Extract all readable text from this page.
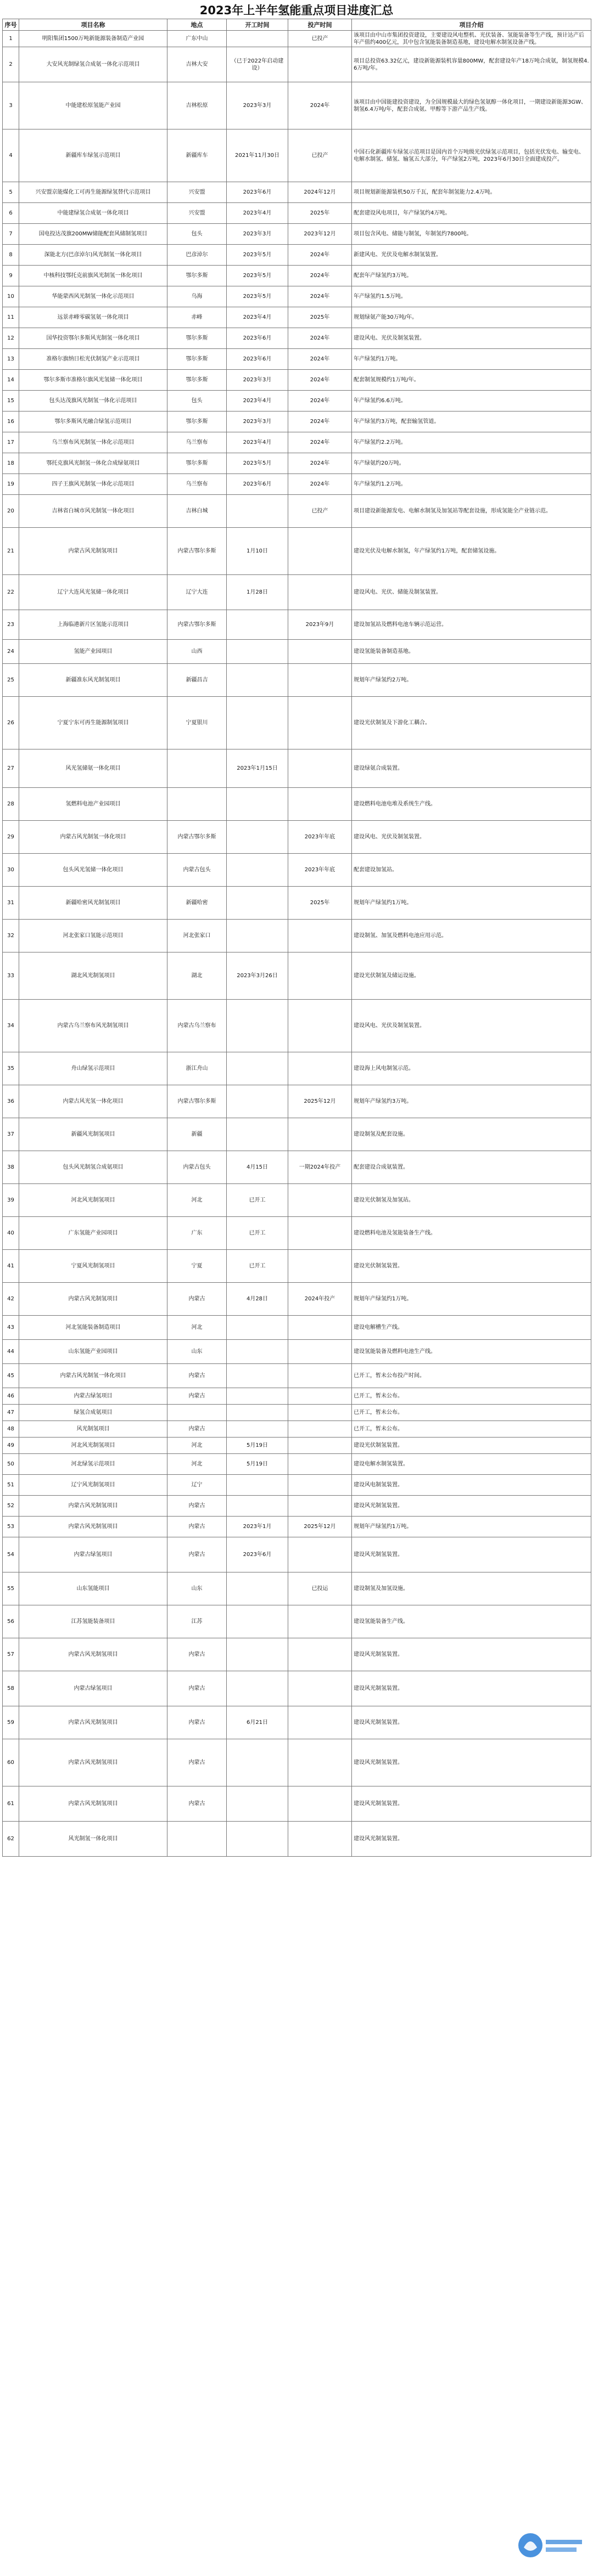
2023年上半年氢能重点项目进度汇总
序号	项目名称	地点	开工时间	投产时间	项目介绍
1	明阳集团1500万吨新能源装备制造产业园	广东中山		已投产	该项目由中山市集团投资建设，主要建设风电整机、光伏装备、氢能装备等生产线，预计达产后年产值约400亿元，其中包含氢能装备制造基地，建设电解水制氢设备产线。
2	大安风光制绿氢合成氨一体化示范项目	吉林大安	（已于2022年启动建设）		项目总投资63.32亿元，建设新能源装机容量800MW，配套建设年产18万吨合成氨，制氢规模4.6万吨/年。
3	中能建松原氢能产业园	吉林松原	2023年3月	2024年	该项目由中国能建投资建设，为全国规模最大的绿色氢氨醇一体化项目，一期建设新能源3GW、制氢6.4万吨/年，配套合成氨、甲醇等下游产品生产线。
4	新疆库车绿氢示范项目	新疆库车	2021年11月30日	已投产	中国石化新疆库车绿氢示范项目是国内首个万吨级光伏绿氢示范项目，包括光伏发电、输变电、电解水制氢、储氢、输氢五大部分，年产绿氢2万吨，2023年6月30日全面建成投产。
5	兴安盟京能煤化工可再生能源绿氢替代示范项目	兴安盟	2023年6月	2024年12月	项目规划新能源装机50万千瓦，配套年制氢能力2.4万吨。
6	中能建绿氢合成氨一体化项目	兴安盟	2023年4月	2025年	配套建设风电项目，年产绿氢约4万吨。
7	国电投达茂旗200MW储能配套风储制氢项目	包头	2023年3月	2023年12月	项目包含风电、储能与制氢，年制氢约7800吨。
8	深能北方(巴彦淖尔)风光制氢一体化项目	巴彦淖尔	2023年5月	2024年	新建风电、光伏及电解水制氢装置。
9	中核科技鄂托克前旗风光制氢一体化项目	鄂尔多斯	2023年5月	2024年	配套年产绿氢约3万吨。
10	华能蒙西风光制氢一体化示范项目	乌海	2023年5月	2024年	年产绿氢约1.5万吨。
11	远景赤峰零碳氢氨一体化项目	赤峰	2023年4月	2025年	规划绿氨产能30万吨/年。
12	国华投资鄂尔多斯风光制氢一体化项目	鄂尔多斯	2023年6月	2024年	建设风电、光伏及制氢装置。
13	准格尔旗纳日松光伏制氢产业示范项目	鄂尔多斯	2023年6月	2024年	年产绿氢约1万吨。
14	鄂尔多斯市准格尔旗风光氢储一体化项目	鄂尔多斯	2023年3月	2024年	配套制氢规模约1万吨/年。
15	包头达茂旗风光制氢一体化示范项目	包头	2023年4月	2024年	年产绿氢约6.6万吨。
16	鄂尔多斯风光融合绿氢示范项目	鄂尔多斯	2023年3月	2024年	年产绿氢约3万吨，配套输氢管道。
17	乌兰察布风光制氢一体化示范项目	乌兰察布	2023年4月	2024年	年产绿氢约2.2万吨。
18	鄂托克旗风光制氢一体化合成绿氨项目	鄂尔多斯	2023年5月	2024年	年产绿氨约20万吨。
19	四子王旗风光制氢一体化示范项目	乌兰察布	2023年6月	2024年	年产绿氢约1.2万吨。
20	吉林省白城市风光制氢一体化项目	吉林白城		已投产	项目建设新能源发电、电解水制氢及加氢站等配套设施，形成氢能全产业链示范。
21	内蒙古风光制氢项目	内蒙古鄂尔多斯	1月10日		建设光伏及电解水制氢，年产绿氢约1万吨，配套储氢设施。
22	辽宁大连风光氢储一体化项目	辽宁大连	1月28日		建设风电、光伏、储能及制氢装置。
23	上海临港新片区氢能示范项目	内蒙古鄂尔多斯		2023年9月	建设加氢站及燃料电池车辆示范运营。
24	氢能产业园项目	山西			建设氢能装备制造基地。
25	新疆准东风光制氢项目	新疆昌吉			规划年产绿氢约2万吨。
26	宁夏宁东可再生能源制氢项目	宁夏银川			建设光伏制氢及下游化工耦合。
27	风光氢储氨一体化项目		2023年1月15日		建设绿氨合成装置。
28	氢燃料电池产业园项目				建设燃料电池电堆及系统生产线。
29	内蒙古风光制氢一体化项目	内蒙古鄂尔多斯		2023年年底	建设风电、光伏及制氢装置。
30	包头风光氢储一体化项目	内蒙古包头		2023年年底	配套建设加氢站。
31	新疆哈密风光制氢项目	新疆哈密		2025年	规划年产绿氢约1万吨。
32	河北张家口氢能示范项目	河北张家口			建设制氢、加氢及燃料电池应用示范。
33	湖北风光制氢项目	湖北	2023年3月26日		建设光伏制氢及储运设施。
34	内蒙古乌兰察布风光制氢项目	内蒙古乌兰察布			建设风电、光伏及制氢装置。
35	舟山绿氢示范项目	浙江舟山			建设海上风电制氢示范。
36	内蒙古风光氢一体化项目	内蒙古鄂尔多斯		2025年12月	规划年产绿氢约3万吨。
37	新疆风光制氢项目	新疆			建设制氢及配套设施。
38	包头风光制氢合成氨项目	内蒙古包头	4月15日	一期2024年投产	配套建设合成氨装置。
39	河北风光制氢项目	河北	已开工		建设光伏制氢及加氢站。
40	广东氢能产业园项目	广东	已开工		建设燃料电池及氢能装备生产线。
41	宁夏风光制氢项目	宁夏	已开工		建设光伏制氢装置。
42	内蒙古风光制氢项目	内蒙古	4月28日	2024年投产	规划年产绿氢约1万吨。
43	河北氢能装备制造项目	河北			建设电解槽生产线。
44	山东氢能产业园项目	山东			建设氢能装备及燃料电池生产线。
45	内蒙古风光制氢一体化项目	内蒙古			已开工，暂未公布投产时间。
46	内蒙古绿氢项目	内蒙古			已开工，暂未公布。
47	绿氢合成氨项目				已开工，暂未公布。
48	风光制氢项目	内蒙古			已开工，暂未公布。
49	河北风光制氢项目	河北	5月19日		建设光伏制氢装置。
50	河北绿氢示范项目	河北	5月19日		建设电解水制氢装置。
51	辽宁风光制氢项目	辽宁			建设风电制氢装置。
52	内蒙古风光制氢项目	内蒙古			建设风光制氢装置。
53	内蒙古风光制氢项目	内蒙古	2023年1月	2025年12月	规划年产绿氢约1万吨。
54	内蒙古绿氢项目	内蒙古	2023年6月		建设风光制氢装置。
55	山东氢能项目	山东		已投运	建设制氢及加氢设施。
56	江苏氢能装备项目	江苏			建设氢能装备生产线。
57	内蒙古风光制氢项目	内蒙古			建设风光制氢装置。
58	内蒙古绿氢项目	内蒙古			建设风光制氢装置。
59	内蒙古风光制氢项目	内蒙古	6月21日		建设风光制氢装置。
60	内蒙古风光制氢项目	内蒙古			建设风光制氢装置。
61	内蒙古风光制氢项目	内蒙古			建设风光制氢装置。
62	风光制氢一体化项目				建设风光制氢装置。
